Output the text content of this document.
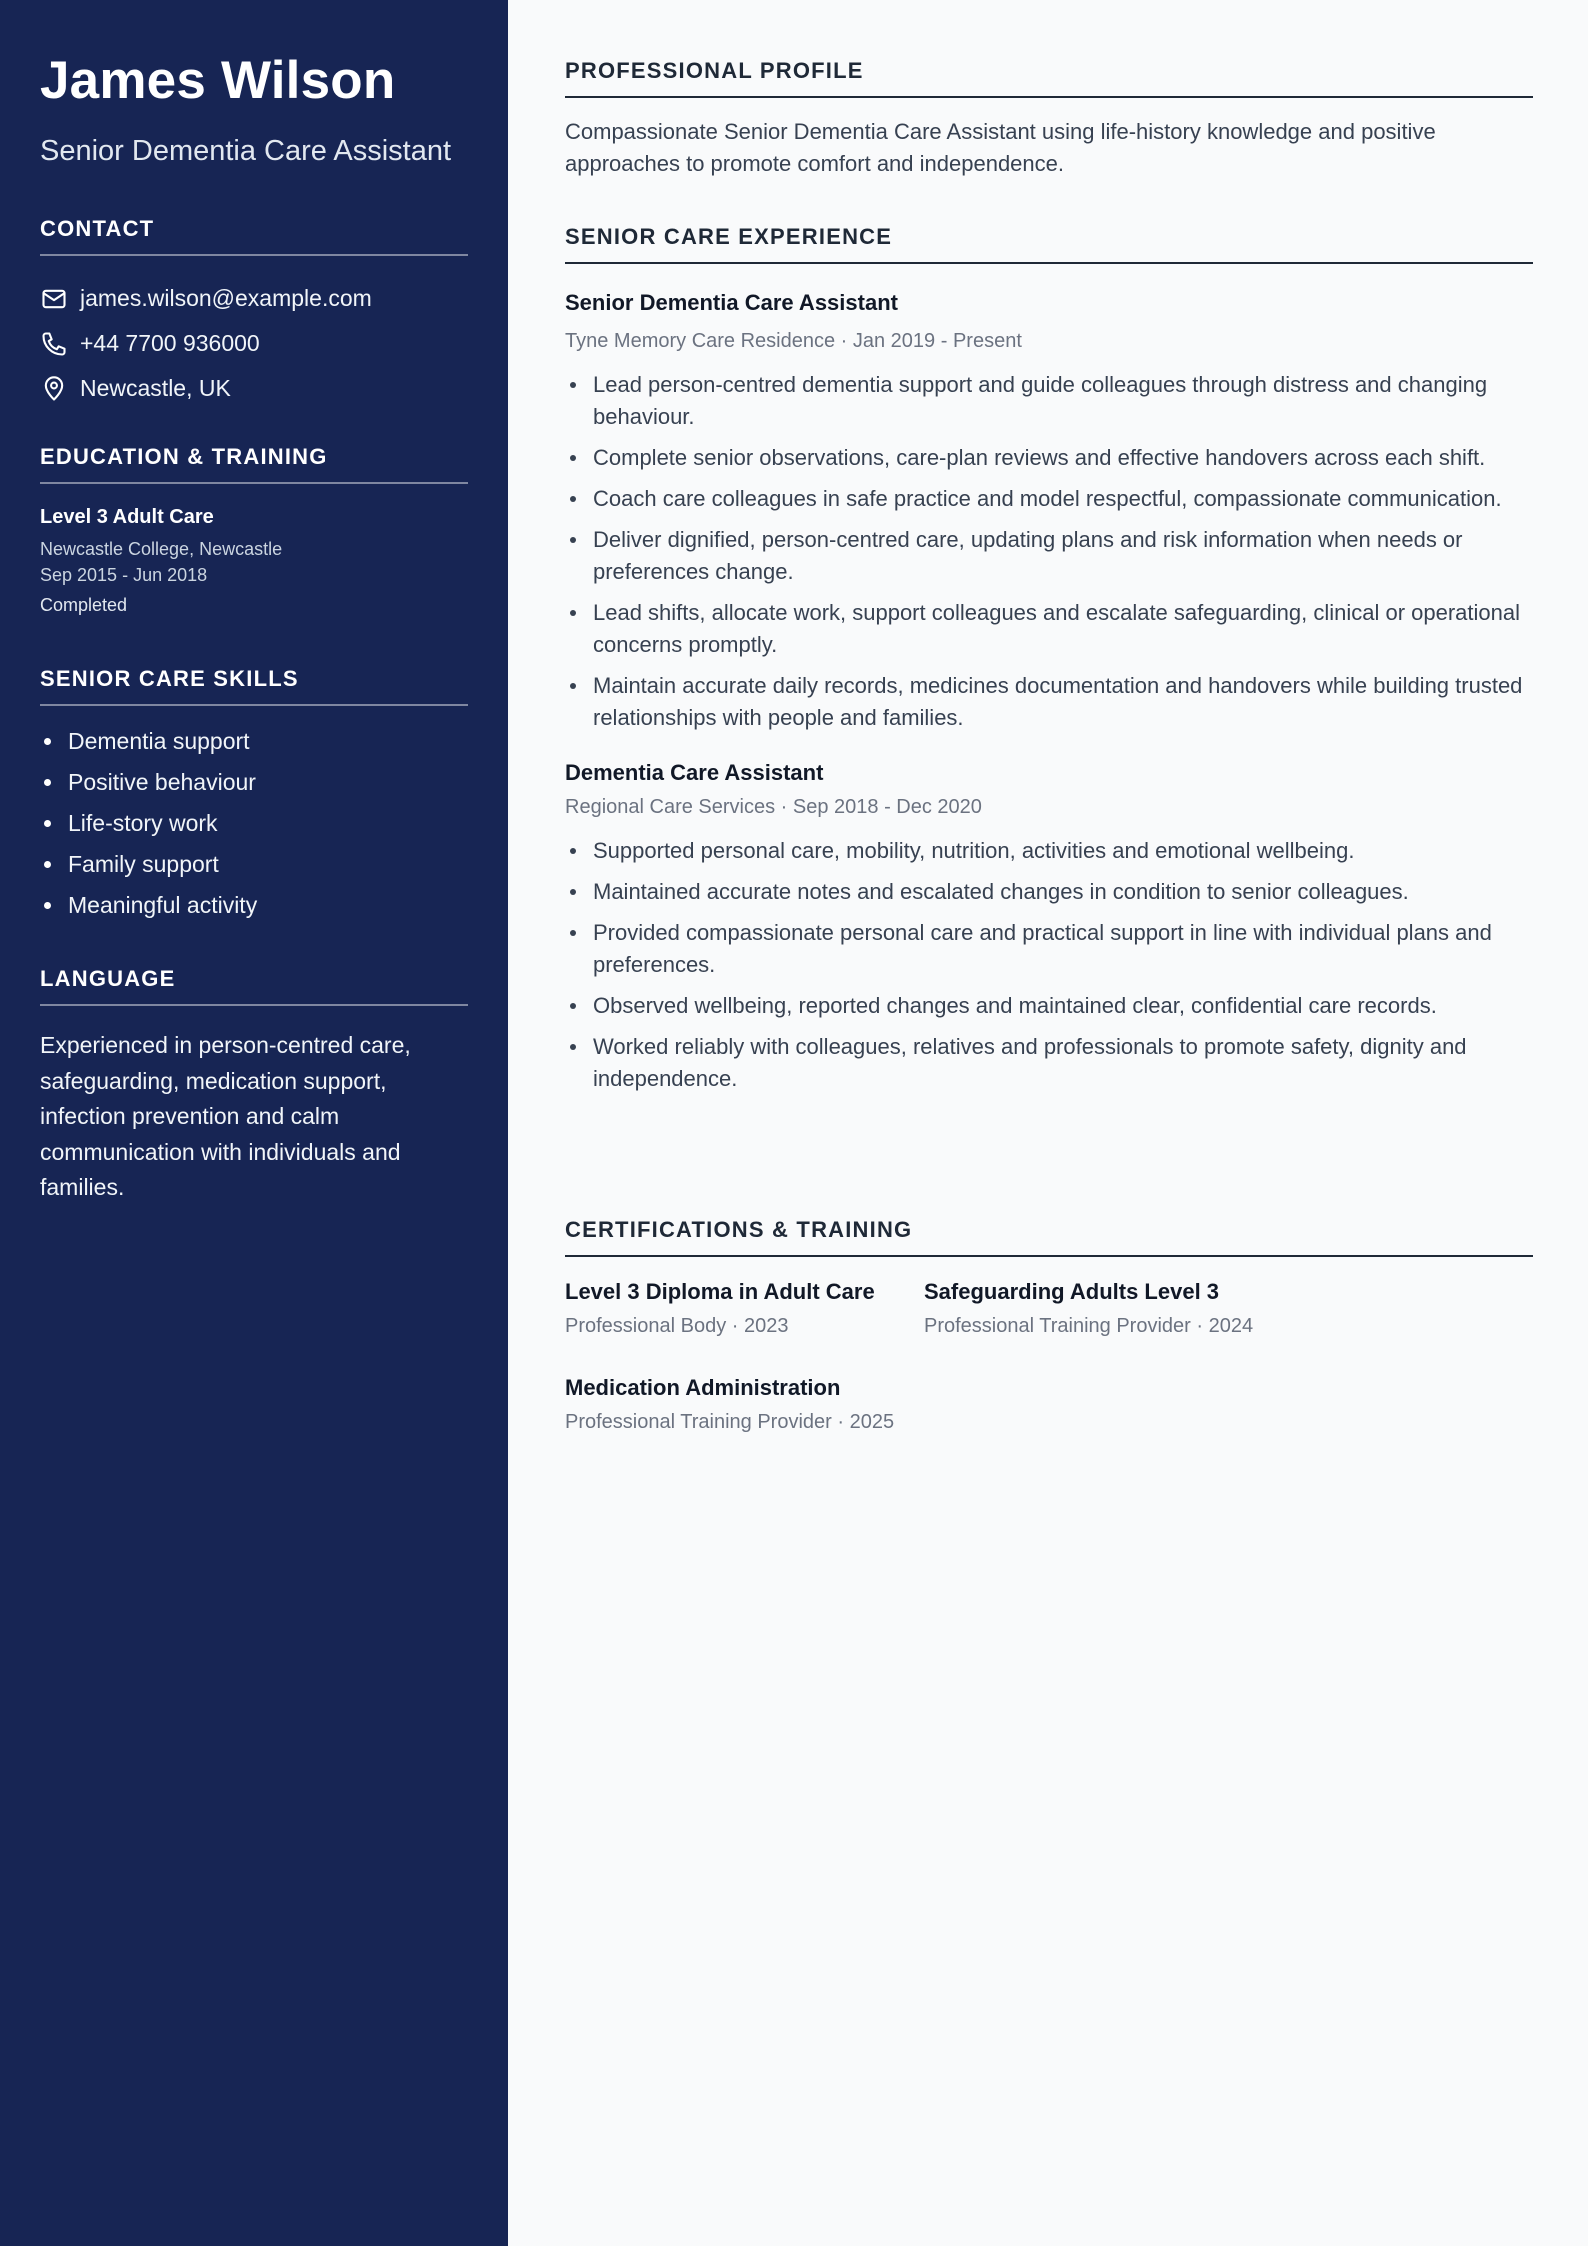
James Wilson
Senior Dementia Care Assistant
CONTACT
james.wilson@example.com
+44 7700 936000
Newcastle, UK
EDUCATION & TRAINING
Level 3 Adult Care
Newcastle College, Newcastle
Sep 2015 - Jun 2018
Completed
SENIOR CARE SKILLS
Dementia support
Positive behaviour
Life-story work
Family support
Meaningful activity
LANGUAGE

Experienced in person-centred care, safeguarding, medication support, infection prevention and calm communication with individuals and families.

PROFESSIONAL PROFILE

Compassionate Senior Dementia Care Assistant using life-history knowledge and positive approaches to promote comfort and independence.

SENIOR CARE EXPERIENCE
Senior Dementia Care Assistant
Tyne Memory Care Residence · Jan 2019 - Present
Lead person-centred dementia support and guide colleagues through distress and changing behaviour.
Complete senior observations, care-plan reviews and effective handovers across each shift.
Coach care colleagues in safe practice and model respectful, compassionate communication.
Deliver dignified, person-centred care, updating plans and risk information when needs or preferences change.
Lead shifts, allocate work, support colleagues and escalate safeguarding, clinical or operational concerns promptly.
Maintain accurate daily records, medicines documentation and handovers while building trusted relationships with people and families.
Dementia Care Assistant
Regional Care Services · Sep 2018 - Dec 2020
Supported personal care, mobility, nutrition, activities and emotional wellbeing.
Maintained accurate notes and escalated changes in condition to senior colleagues.
Provided compassionate personal care and practical support in line with individual plans and preferences.
Observed wellbeing, reported changes and maintained clear, confidential care records.
Worked reliably with colleagues, relatives and professionals to promote safety, dignity and independence.
CERTIFICATIONS & TRAINING
Level 3 Diploma in Adult Care
Professional Body · 2023
Safeguarding Adults Level 3
Professional Training Provider · 2024
Medication Administration
Professional Training Provider · 2025
